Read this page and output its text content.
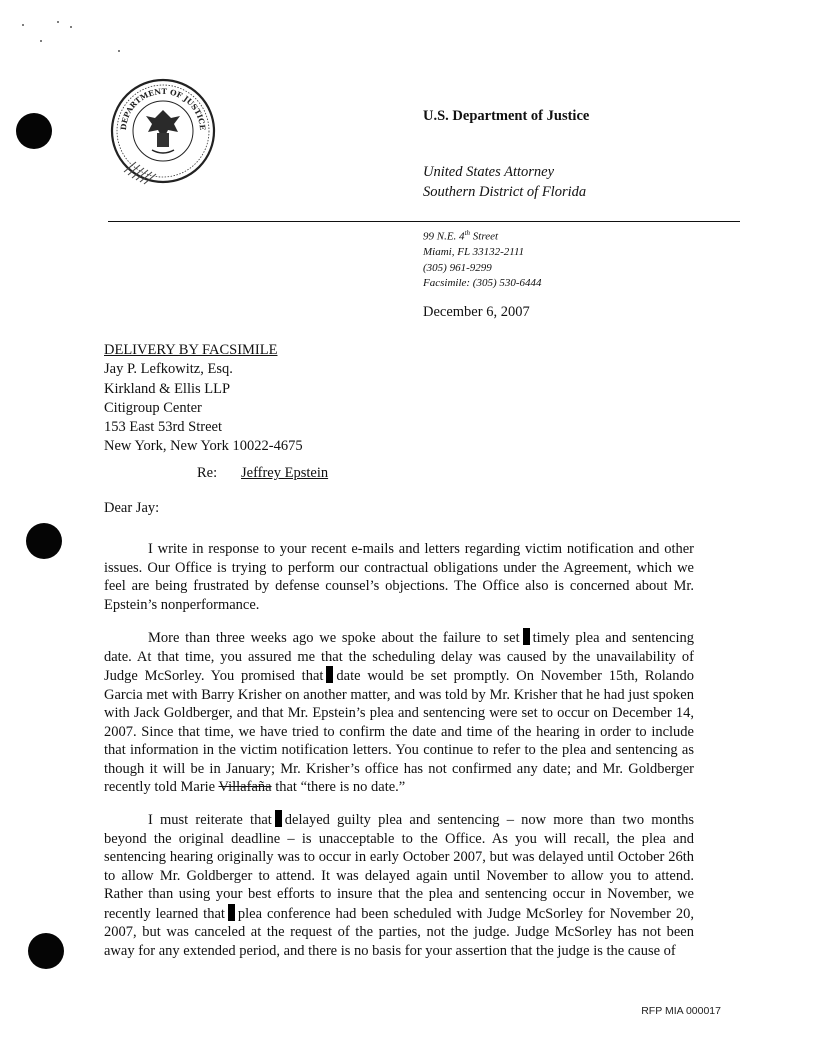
DEPARTMENT OF JUSTICE
U.S. Department of Justice
United States Attorney
Southern District of Florida
99 N.E. 4th Street
Miami, FL 33132-2111
(305) 961-9299
Facsimile: (305) 530-6444
December 6, 2007
DELIVERY BY FACSIMILE
Jay P. Lefkowitz, Esq.
Kirkland & Ellis LLP
Citigroup Center
153 East 53rd Street
New York, New York 10022-4675
Re: Jeffrey Epstein
Dear Jay:

I write in response to your recent e-mails and letters regarding victim notification and other issues. Our Office is trying to perform our contractual obligations under the Agreement, which we feel are being frustrated by defense counsel’s objections. The Office also is concerned about Mr. Epstein’s nonperformance.

More than three weeks ago we spoke about the failure to set timely plea and sentencing date. At that time, you assured me that the scheduling delay was caused by the unavailability of Judge McSorley. You promised that date would be set promptly. On November 15th, Rolando Garcia met with Barry Krisher on another matter, and was told by Mr. Krisher that he had just spoken with Jack Goldberger, and that Mr. Epstein’s plea and sentencing were set to occur on December 14, 2007. Since that time, we have tried to confirm the date and time of the hearing in order to include that information in the victim notification letters. You continue to refer to the plea and sentencing as though it will be in January; Mr. Krisher’s office has not confirmed any date; and Mr. Goldberger recently told Marie Villafaña that “there is no date.”

I must reiterate that delayed guilty plea and sentencing – now more than two months beyond the original deadline – is unacceptable to the Office. As you will recall, the plea and sentencing hearing originally was to occur in early October 2007, but was delayed until October 26th to allow Mr. Goldberger to attend. It was delayed again until November to allow you to attend. Rather than using your best efforts to insure that the plea and sentencing occur in November, we recently learned that plea conference had been scheduled with Judge McSorley for November 20, 2007, but was canceled at the request of the parties, not the judge. Judge McSorley has not been away for any extended period, and there is no basis for your assertion that the judge is the cause of

RFP MIA 000017
